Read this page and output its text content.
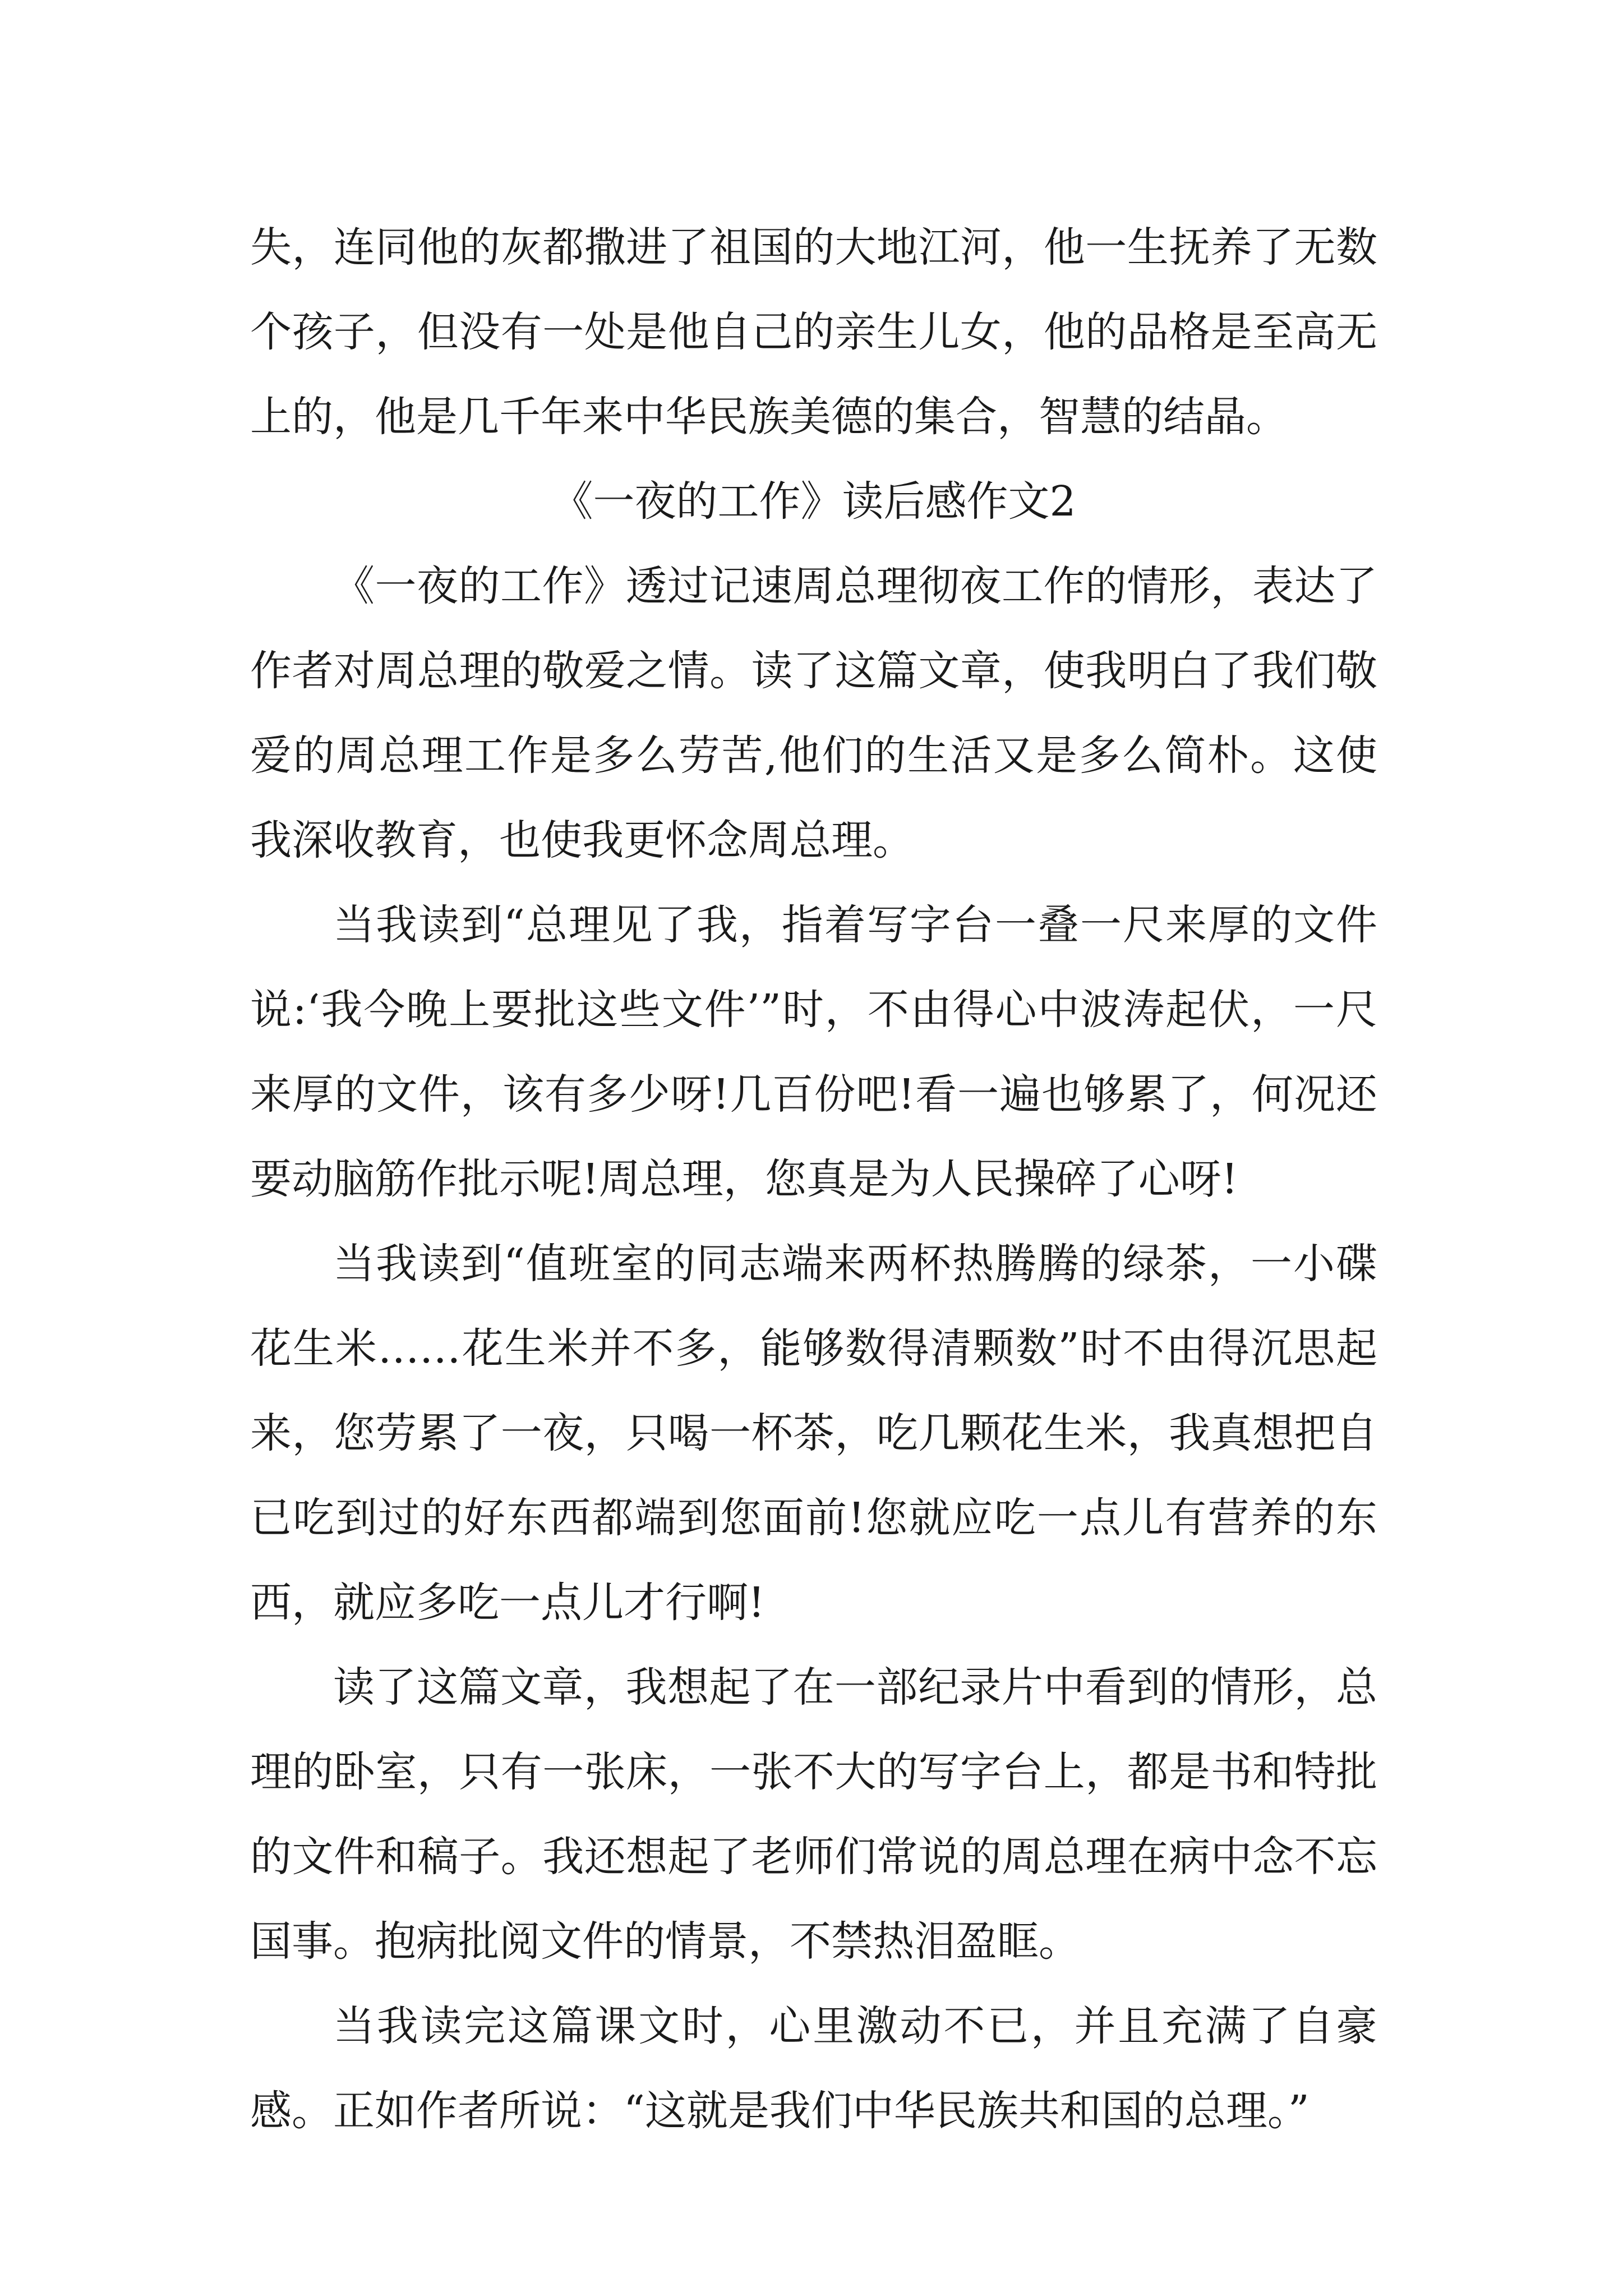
失，连同他的灰都撒进了祖国的大地江河，他一生抚养了无数个孩子，但没有一处是他自己的亲生儿女，他的品格是至高无上的，他是几千年来中华民族美德的集合，智慧的结晶。

《一夜的工作》读后感作文2

《一夜的工作》透过记速周总理彻夜工作的情形，表达了作者对周总理的敬爱之情。读了这篇文章，使我明白了我们敬爱的周总理工作是多么劳苦,他们的生活又是多么简朴。这使我深收教育，也使我更怀念周总理。

当我读到“总理见了我，指着写字台一叠一尺来厚的文件说:‘我今晚上要批这些文件’”时，不由得心中波涛起伏，一尺来厚的文件，该有多少呀!几百份吧!看一遍也够累了，何况还要动脑筋作批示呢!周总理，您真是为人民操碎了心呀!

当我读到“值班室的同志端来两杯热腾腾的绿茶，一小碟花生米……花生米并不多，能够数得清颗数”时不由得沉思起来，您劳累了一夜，只喝一杯茶，吃几颗花生米，我真想把自已吃到过的好东西都端到您面前!您就应吃一点儿有营养的东西，就应多吃一点儿才行啊!

读了这篇文章，我想起了在一部纪录片中看到的情形，总理的卧室，只有一张床，一张不大的写字台上，都是书和特批的文件和稿子。我还想起了老师们常说的周总理在病中念不忘国事。抱病批阅文件的情景，不禁热泪盈眶。

当我读完这篇课文时，心里激动不已，并且充满了自豪感。正如作者所说：“这就是我们中华民族共和国的总理。”
